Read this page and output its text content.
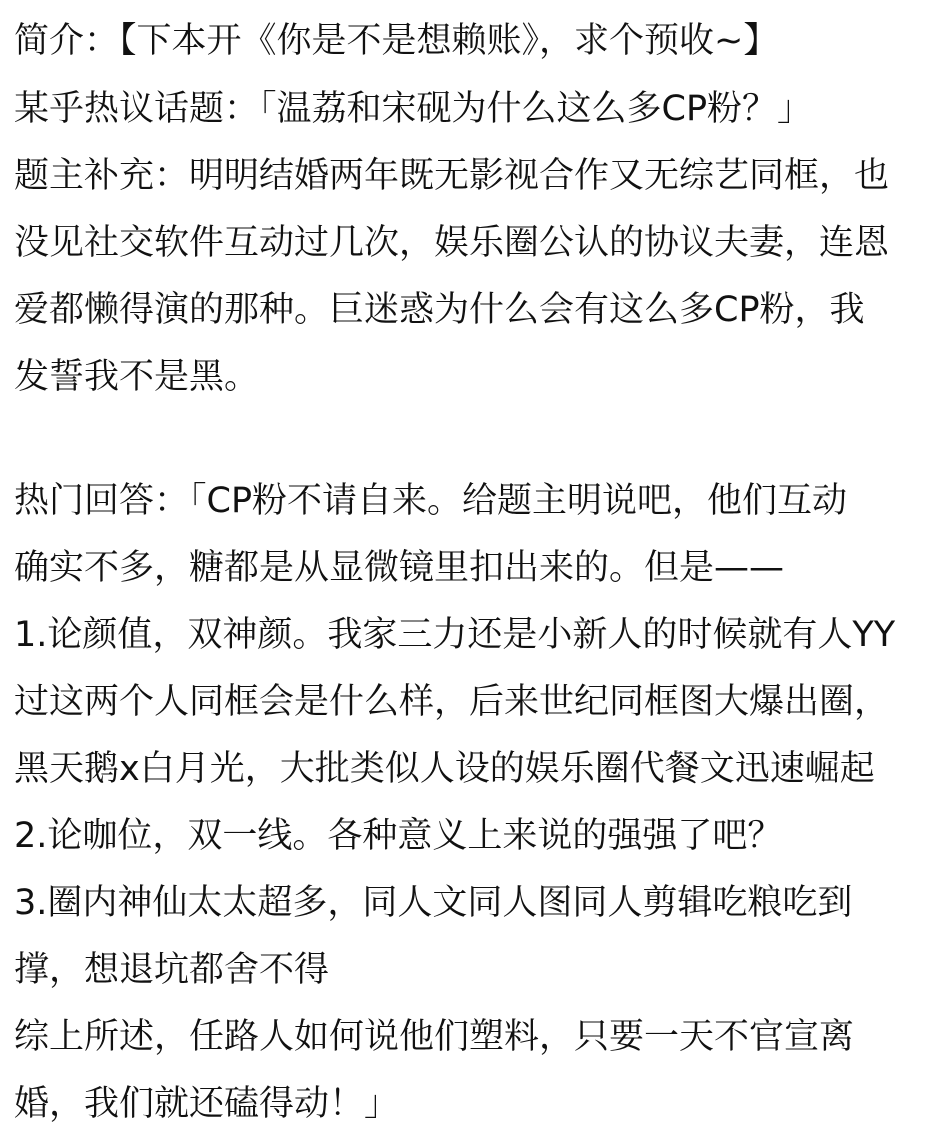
简介：【下本开《你是不是想赖账》，求个预收~】

某乎热议话题：「温荔和宋砚为什么这么多CP粉？」

题主补充：明明结婚两年既无影视合作又无综艺同框，也

没见社交软件互动过几次，娱乐圈公认的协议夫妻，连恩

爱都懒得演的那种。巨迷惑为什么会有这么多CP粉，我

发誓我不是黑。

热门回答：「CP粉不请自来。给题主明说吧，他们互动

确实不多，糖都是从显微镜里扣出来的。但是——

1.论颜值，双神颜。我家三力还是小新人的时候就有人YY

过这两个人同框会是什么样，后来世纪同框图大爆出圈，

黑天鹅x白月光，大批类似人设的娱乐圈代餐文迅速崛起

2.论咖位，双一线。各种意义上来说的强强了吧？

3.圈内神仙太太超多，同人文同人图同人剪辑吃粮吃到

撑，想退坑都舍不得

综上所述，任路人如何说他们塑料，只要一天不官宣离

婚，我们就还磕得动！」
